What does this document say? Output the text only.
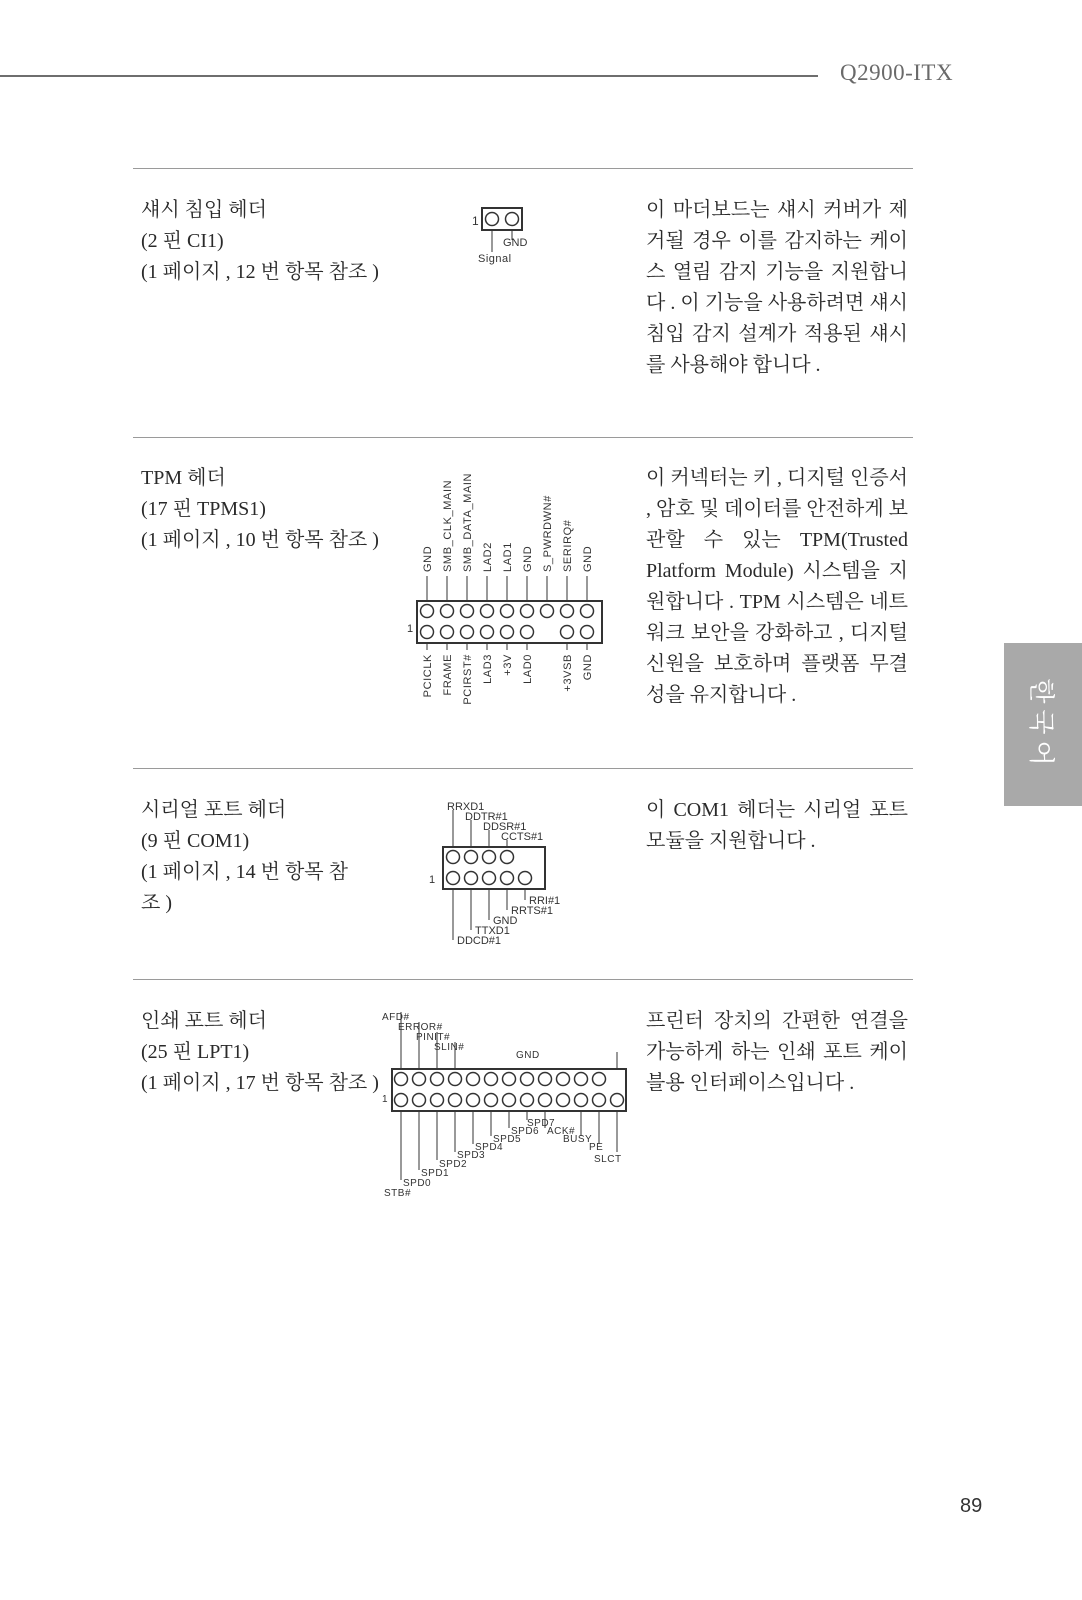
Q2900-ITX
섀시 침입 헤더
(2 핀 CI1)
(1 페이지 , 12 번 항목 참조 )
이 마더보드는 섀시 커버가 제거될 경우 이를 감지하는 케이스 열림 감지 기능을 지원합니다 . 이 기능을 사용하려면 섀시 침입 감지 설계가 적용된 섀시를 사용해야 합니다 .
1
GND
Signal
TPM 헤더
(17 핀 TPMS1)
(1 페이지 , 10 번 항목 참조 )
이 커넥터는 키 , 디지털 인증서 , 암호 및 데이터를 안전하게 보관할 수 있는 TPM(Trusted Platform Module) 시스템을 지원합니다 . TPM 시스템은 네트워크 보안을 강화하고 , 디지털 신원을 보호하며 플랫폼 무결성을 유지합니다 .
1
GND SMB_CLK_MAIN SMB_DATA_MAIN LAD2 LAD1 GND S_PWRDWN# SERIRQ# GND
PCICLK FRAME PCIRST# LAD3 +3V LAD0	+3VSB GND
시리얼 포트 헤더
(9 핀 COM1)
(1 페이지 , 14 번 항목 참
조 )
이 COM1 헤더는 시리얼 포트 모듈을 지원합니다 .
1
RRXD1
DDTR#1
DDSR#1
CCTS#1
RRI#1
RRTS#1
GND
TTXD1
DDCD#1
인쇄 포트 헤더
(25 핀 LPT1)
(1 페이지 , 17 번 항목 참조 )
프린터 장치의 간편한 연결을 가능하게 하는 인쇄 포트 케이블용 인터페이스입니다 .
1
AFD#
ERROR#
PINIT#
SLIN#
GND
SPD7
SPD6 ACK#
BUSY
PE
SLCT
SPD5
SPD4
SPD3
SPD2
SPD1
SPD0
STB#
한국어
89
